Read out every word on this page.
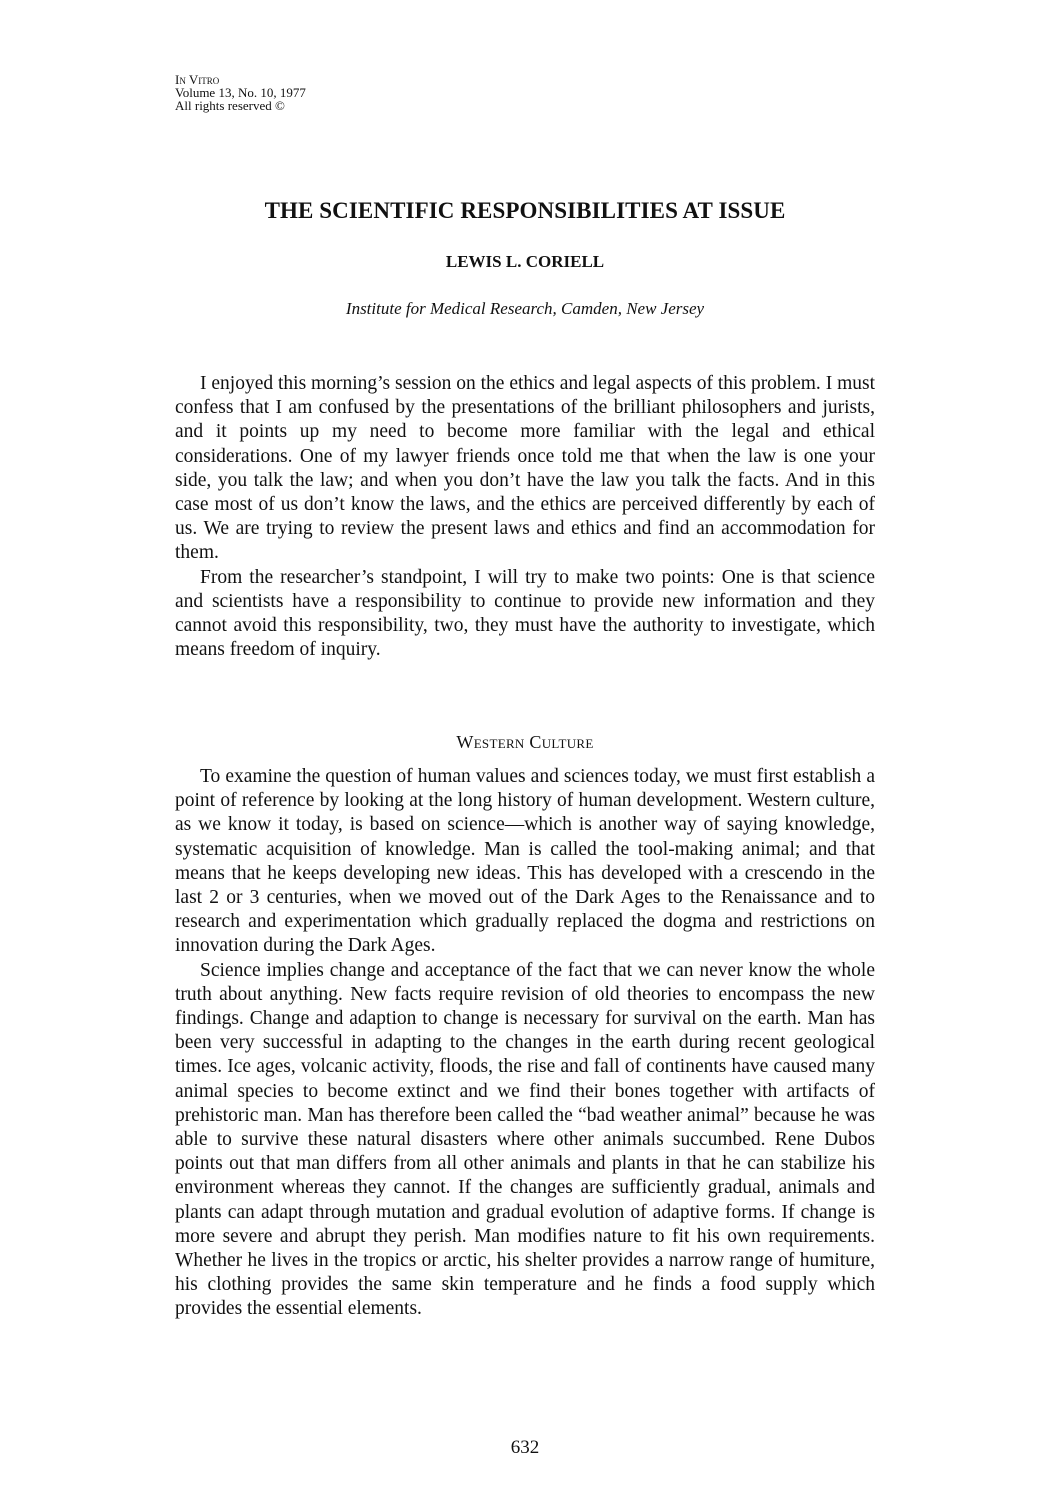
In Vitro
Volume 13, No. 10, 1977
All rights reserved ©
THE SCIENTIFIC RESPONSIBILITIES AT ISSUE
LEWIS L. CORIELL
Institute for Medical Research, Camden, New Jersey

I enjoyed this morning’s session on the ethics and legal aspects of this problem. I must confess that I am confused by the presentations of the brilliant philosophers and jurists, and it points up my need to become more familiar with the legal and ethical considerations. One of my lawyer friends once told me that when the law is one your side, you talk the law; and when you don’t have the law you talk the facts. And in this case most of us don’t know the laws, and the ethics are perceived differently by each of us. We are trying to review the present laws and ethics and find an accommodation for them.

From the researcher’s standpoint, I will try to make two points: One is that science and scientists have a responsibility to continue to provide new information and they cannot avoid this responsibility, two, they must have the authority to investigate, which means freedom of inquiry.

Western Culture

To examine the question of human values and sciences today, we must first establish a point of reference by looking at the long history of human development. Western culture, as we know it today, is based on science—which is another way of saying knowledge, systematic acquisition of knowledge. Man is called the tool-making animal; and that means that he keeps developing new ideas. This has developed with a crescendo in the last 2 or 3 centuries, when we moved out of the Dark Ages to the Renaissance and to research and experimentation which gradually replaced the dogma and restrictions on innovation during the Dark Ages.

Science implies change and acceptance of the fact that we can never know the whole truth about anything. New facts require revision of old theories to encompass the new findings. Change and adaption to change is necessary for survival on the earth. Man has been very successful in adapting to the changes in the earth during recent geological times. Ice ages, volcanic activity, floods, the rise and fall of continents have caused many animal species to become extinct and we find their bones together with artifacts of prehistoric man. Man has therefore been called the “bad weather animal” because he was able to survive these natural disasters where other animals succumbed. Rene Dubos points out that man differs from all other animals and plants in that he can stabilize his environment whereas they cannot. If the changes are sufficiently gradual, animals and plants can adapt through mutation and gradual evolution of adaptive forms. If change is more severe and abrupt they perish. Man modifies nature to fit his own requirements. Whether he lives in the tropics or arctic, his shelter provides a narrow range of humiture, his clothing provides the same skin temperature and he finds a food supply which provides the essential elements.

632
